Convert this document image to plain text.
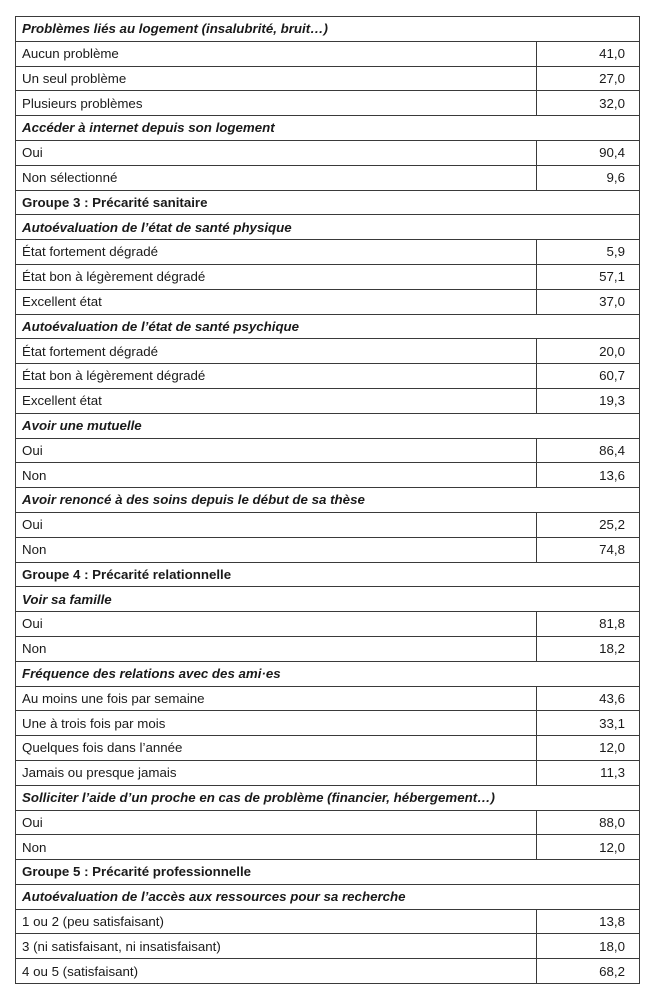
Problèmes liés au logement (insalubrité, bruit…)	
Aucun problème	41,0
Un seul problème	27,0
Plusieurs problèmes	32,0
Accéder à internet depuis son logement	
Oui	90,4
Non sélectionné	9,6
Groupe 3 : Précarité sanitaire	
Autoévaluation de l’état de santé physique	
État fortement dégradé	5,9
État bon à légèrement dégradé	57,1
Excellent état	37,0
Autoévaluation de l’état de santé psychique	
État fortement dégradé	20,0
État bon à légèrement dégradé	60,7
Excellent état	19,3
Avoir une mutuelle	
Oui	86,4
Non	13,6
Avoir renoncé à des soins depuis le début de sa thèse	
Oui	25,2
Non	74,8
Groupe 4 : Précarité relationnelle	
Voir sa famille	
Oui	81,8
Non	18,2
Fréquence des relations avec des ami·es	
Au moins une fois par semaine	43,6
Une à trois fois par mois	33,1
Quelques fois dans l’année	12,0
Jamais ou presque jamais	11,3
Solliciter l’aide d’un proche en cas de problème (financier, hébergement…)	
Oui	88,0
Non	12,0
Groupe 5 : Précarité professionnelle	
Autoévaluation de l’accès aux ressources pour sa recherche	
1 ou 2 (peu satisfaisant)	13,8
3 (ni satisfaisant, ni insatisfaisant)	18,0
4 ou 5 (satisfaisant)	68,2
